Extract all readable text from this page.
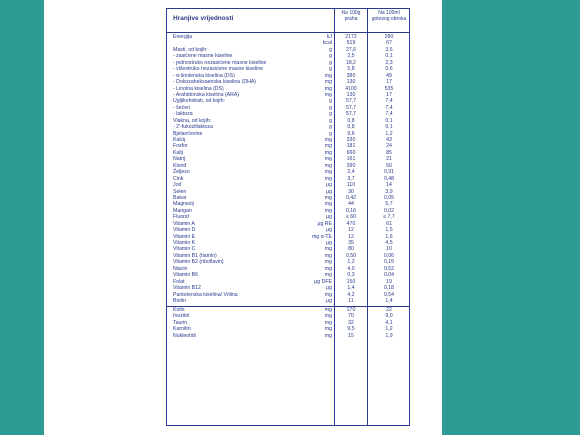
Hranjive vrijednosti
Na 100g
praha
Na 100ml
gotovog obroka
Energija	kJ	2172	280
kcal	519	67
Masti, od kojih:	g	27,6	3,6
- zasićene masne kiseline	g	2,5	0,1
- jednostruko nezasićene masne kiseline	g	18,2	2,3
- višestruko nezasićene masne kiseline	g	5,8	0,6
- α-linolenska kiselina (DS)	mg	380	49
- Dokozaheksaenska kiselina (DHA)	mg	130	17
- Linolna kiselina (DS)	mg	4100	535
- Arahidonska kiselina (ARA)	mg	130	17
Ugljikohidrati, od kojih:	g	57,7	7,4
- šećeri	g	57,7	7,4
- laktoza	g	57,7	7,4
Vlakna, od kojih:	g	0,8	0,1
- 2'-fukozillaktoza	g	0,8	0,1
Bjelančevine	g	9,6	1,2
Kalcij	mg	330	43
Fosfor	mg	181	24
Kalij	mg	660	85
Natrij	mg	161	21
Klorid	mg	390	50
Željezo	mg	2,4	0,31
Cink	mg	3,7	0,48
Jod	µg	110	14
Selen	µg	30	3,9
Bakar	mg	0,42	0,05
Magnezij	mg	44	5,7
Mangan	mg	0,16	0,02
Fluorid	µg	≤ 60	≤ 7,7
Vitamin A	µg RE	470	61
Vitamin D	µg	12	1,5
Vitamin E	mg α-TE	12	1,6
Vitamin K	µg	35	4,5
Vitamin C	mg	80	10
Vitamin B1 (tiamin)	mg	0,50	0,06
Vitamin B2 (riboflavin)	mg	1,2	0,15
Niacin	mg	4,0	0,52
Vitamin B6	mg	0,3	0,04
Folat	µg DFE	150	19
Vitamin B12	µg	1,4	0,18
Pantotenska kiselina/ Vrilina	mg	4,2	0,54
Biotin	µg	11	1,4
Kolin	mg	170	22
Inozitol	mg	70	9,0
Taurin	mg	32	4,1
Karnitin	mg	9,5	1,2
Nukleotidi	mg	15	1,9
